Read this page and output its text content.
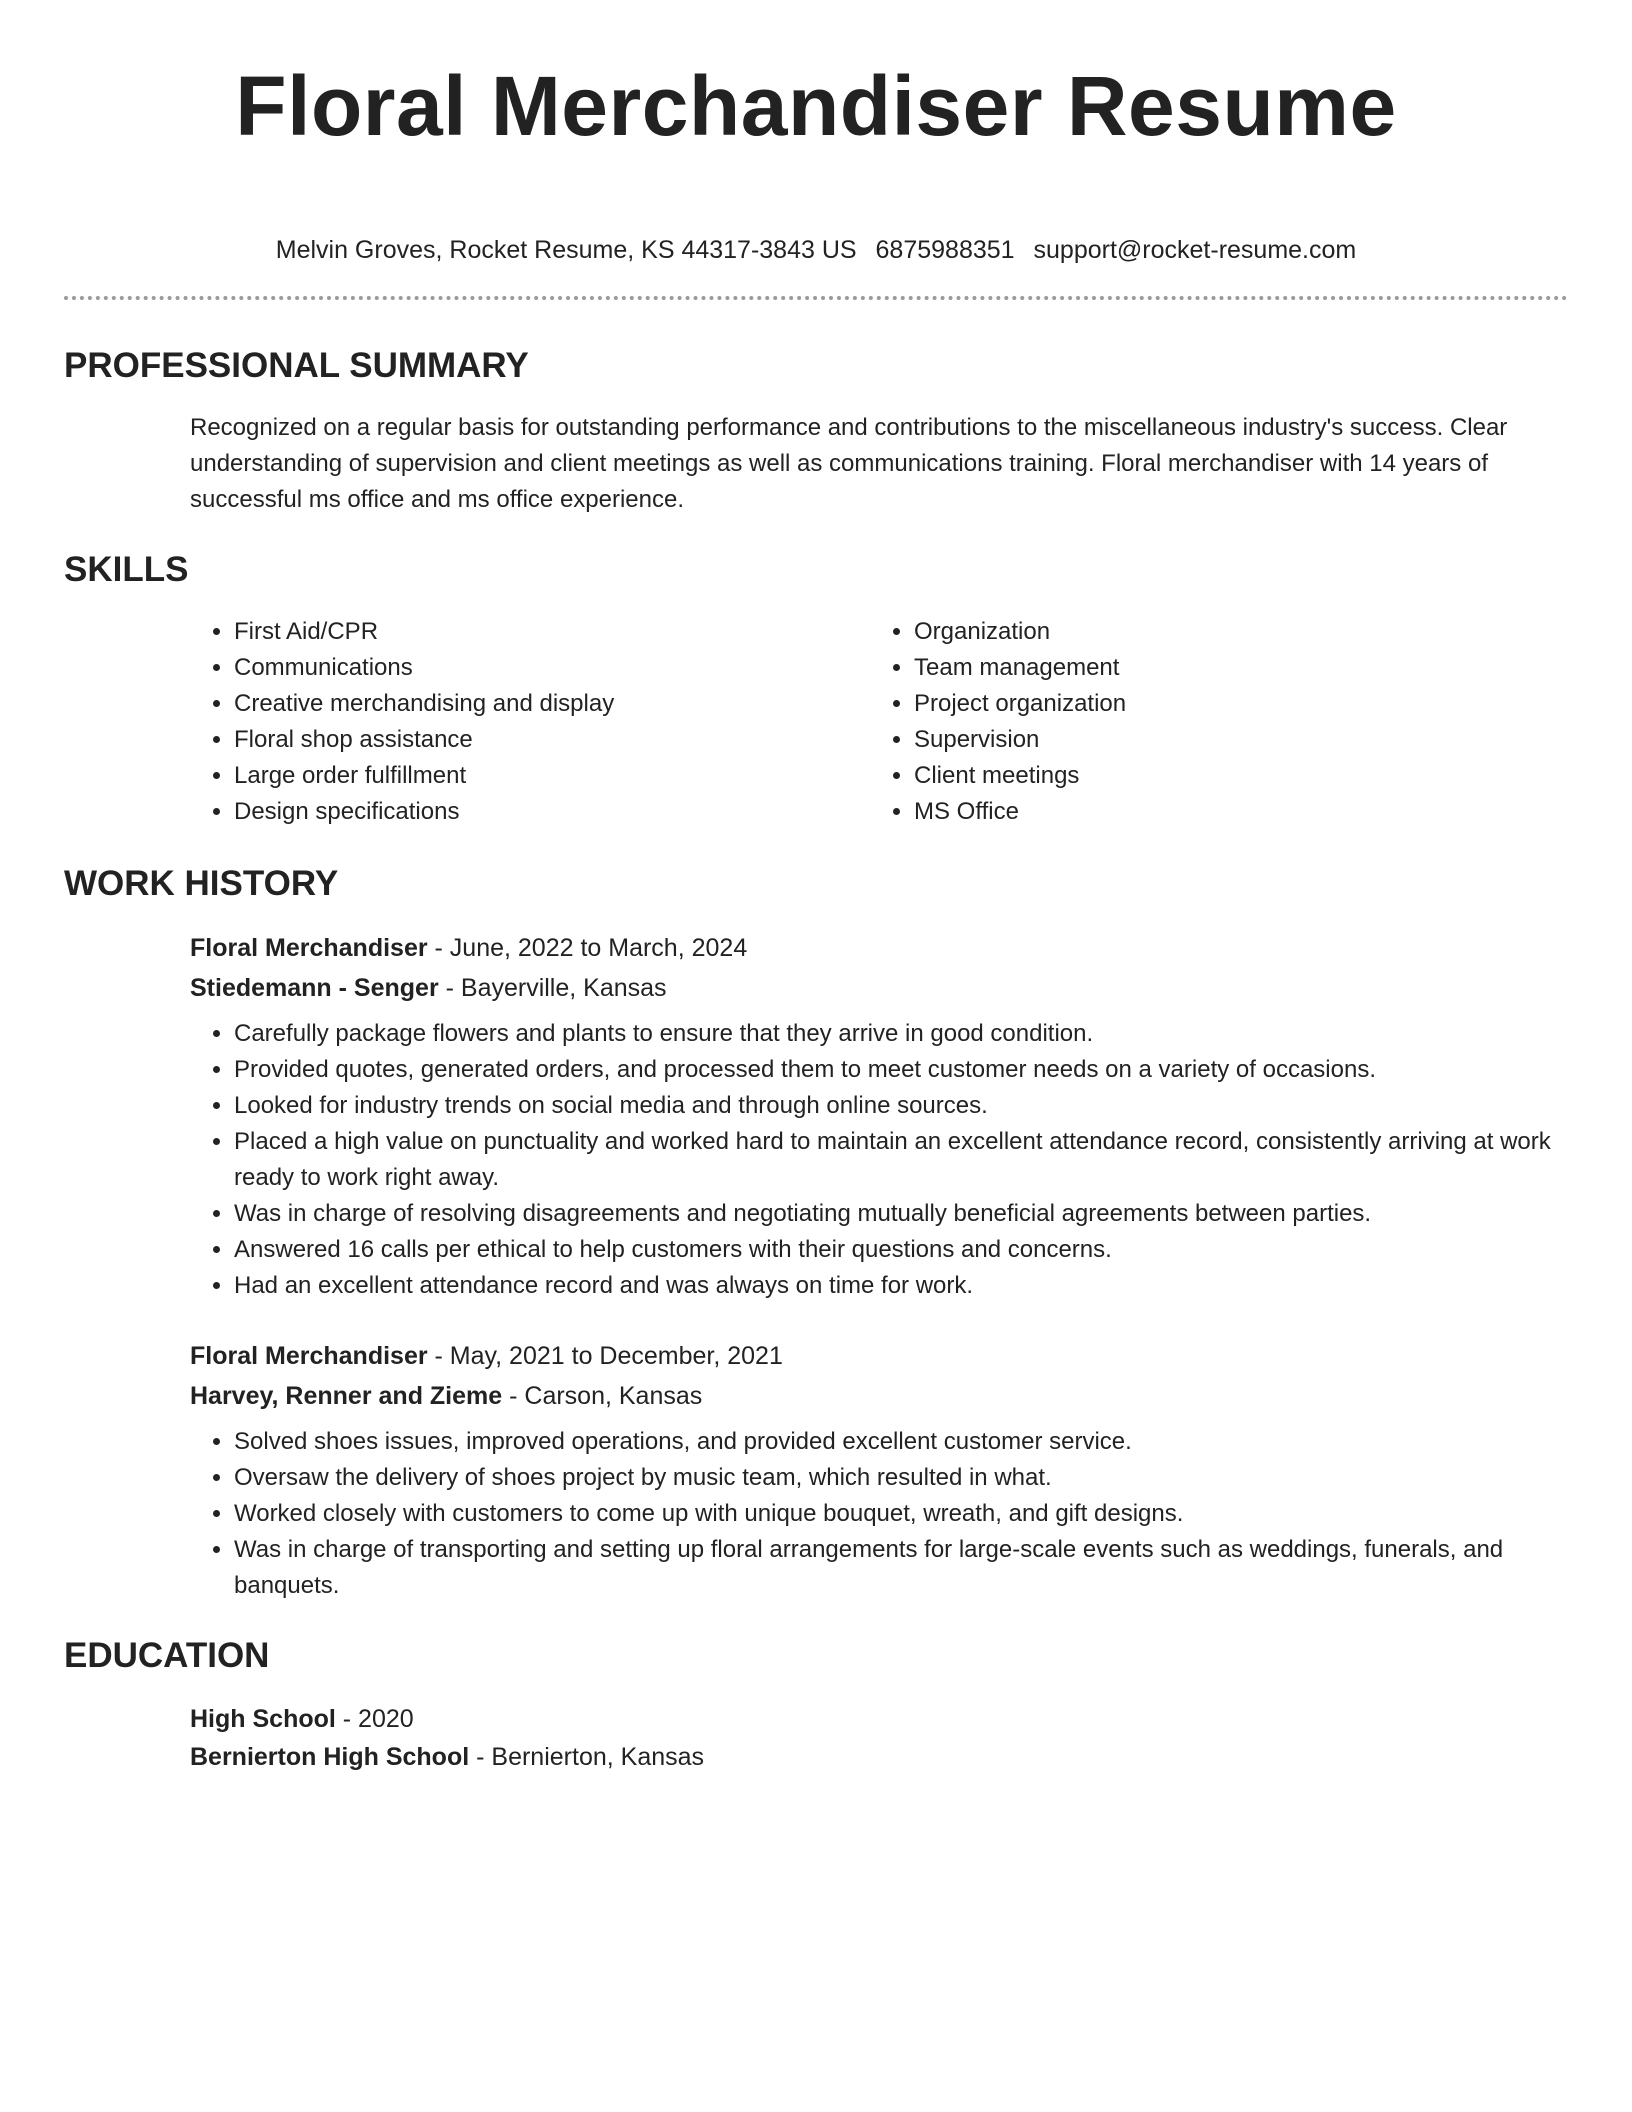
Floral Merchandiser Resume
Melvin Groves, Rocket Resume, KS 44317-3843 US 6875988351 support@rocket-resume.com
PROFESSIONAL SUMMARY

Recognized on a regular basis for outstanding performance and contributions to the miscellaneous industry's success. Clear understanding of supervision and client meetings as well as communications training. Floral merchandiser with 14 years of successful ms office and ms office experience.

SKILLS
• First Aid/CPR
• Communications
• Creative merchandising and display
• Floral shop assistance
• Large order fulfillment
• Design specifications
• Organization
• Team management
• Project organization
• Supervision
• Client meetings
• MS Office
WORK HISTORY
Floral Merchandiser - June, 2022 to March, 2024
Stiedemann - Senger - Bayerville, Kansas
• Carefully package flowers and plants to ensure that they arrive in good condition.
• Provided quotes, generated orders, and processed them to meet customer needs on a variety of occasions.
• Looked for industry trends on social media and through online sources.
• Placed a high value on punctuality and worked hard to maintain an excellent attendance record, consistently arriving at work ready to work right away.
• Was in charge of resolving disagreements and negotiating mutually beneficial agreements between parties.
• Answered 16 calls per ethical to help customers with their questions and concerns.
• Had an excellent attendance record and was always on time for work.
Floral Merchandiser - May, 2021 to December, 2021
Harvey, Renner and Zieme - Carson, Kansas
• Solved shoes issues, improved operations, and provided excellent customer service.
• Oversaw the delivery of shoes project by music team, which resulted in what.
• Worked closely with customers to come up with unique bouquet, wreath, and gift designs.
• Was in charge of transporting and setting up floral arrangements for large-scale events such as weddings, funerals, and banquets.
EDUCATION
High School - 2020
Bernierton High School - Bernierton, Kansas
